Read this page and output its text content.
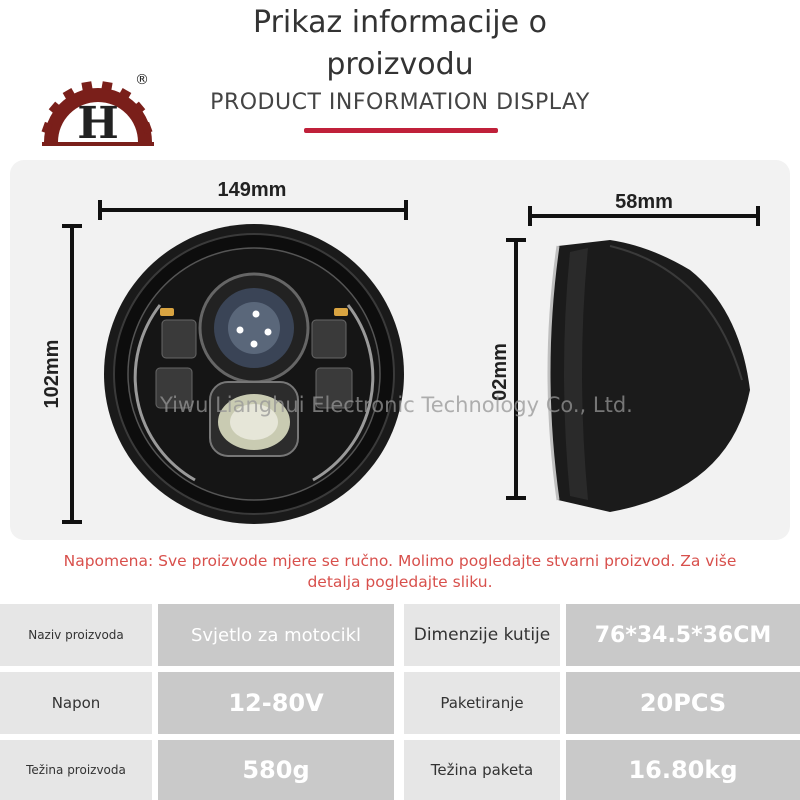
Prikaz informacije o
proizvodu
PRODUCT INFORMATION DISPLAY
H
®
149mm
102mm
58mm
02mm
Yiwu Lianghui Electronic Technology Co., Ltd.
Napomena: Sve proizvode mjere se ručno. Molimo pogledajte stvarni proizvod. Za više detalja pogledajte sliku.
Naziv proizvoda	Svjetlo za motocikl	Dimenzije kutije	76*34.5*36CM
Napon	12-80V	Paketiranje	20PCS
Težina proizvoda	580g	Težina paketa	16.80kg
